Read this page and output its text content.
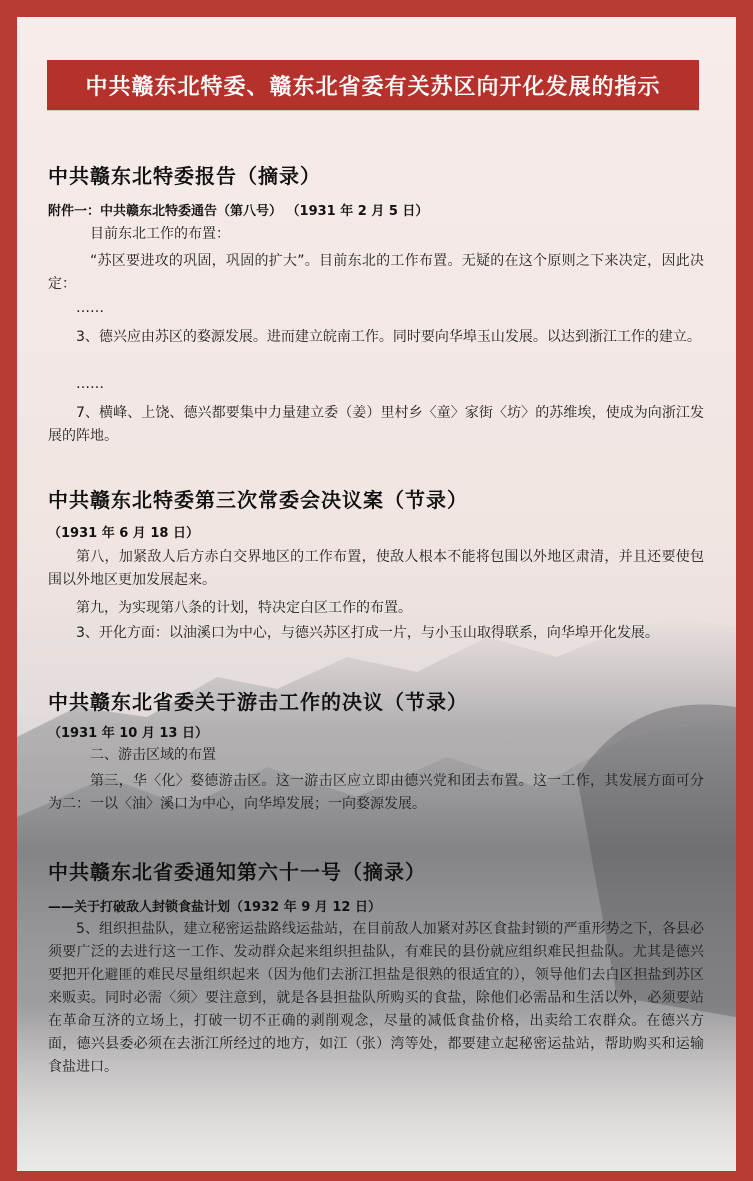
中共赣东北特委、赣东北省委有关苏区向开化发展的指示
中共赣东北特委报告（摘录）
附件一：中共赣东北特委通告（第八号） （1931 年 2 月 5 日）
目前东北工作的布置：
“苏区要进攻的巩固，巩固的扩大”。目前东北的工作布置。无疑的在这个原则之下来决定，因此决定：
……
3、德兴应由苏区的婺源发展。进而建立皖南工作。同时要向华埠玉山发展。以达到浙江工作的建立。
……
7、横峰、上饶、德兴都要集中力量建立委（姜）里村乡〈童〉家街〈坊〉的苏维埃，使成为向浙江发展的阵地。
中共赣东北特委第三次常委会决议案（节录）
（1931 年 6 月 18 日）
第八，加紧敌人后方赤白交界地区的工作布置，使敌人根本不能将包围以外地区肃清，并且还要使包围以外地区更加发展起来。
第九，为实现第八条的计划，特决定白区工作的布置。
3、开化方面：以油溪口为中心，与德兴苏区打成一片，与小玉山取得联系，向华埠开化发展。
中共赣东北省委关于游击工作的决议（节录）
（1931 年 10 月 13 日）
二、游击区域的布置
第三，华〈化〉婺德游击区。这一游击区应立即由德兴党和团去布置。这一工作，其发展方面可分为二：一以〈油〉溪口为中心，向华埠发展；一向婺源发展。
中共赣东北省委通知第六十一号（摘录）
——关于打破敌人封锁食盐计划（1932 年 9 月 12 日）
5、组织担盐队，建立秘密运盐路线运盐站，在目前敌人加紧对苏区食盐封锁的严重形势之下，各县必须要广泛的去进行这一工作、发动群众起来组织担盐队，有难民的县份就应组织难民担盐队。尤其是德兴要把开化避匪的难民尽量组织起来（因为他们去浙江担盐是很熟的很适宜的），领导他们去白区担盐到苏区来贩卖。同时必需〈须〉要注意到，就是各县担盐队所购买的食盐，除他们必需品和生活以外，必须要站在革命互济的立场上，打破一切不正确的剥削观念，尽量的减低食盐价格，出卖给工农群众。在德兴方面，德兴县委必须在去浙江所经过的地方，如江（张）湾等处，都要建立起秘密运盐站，帮助购买和运输食盐进口。
